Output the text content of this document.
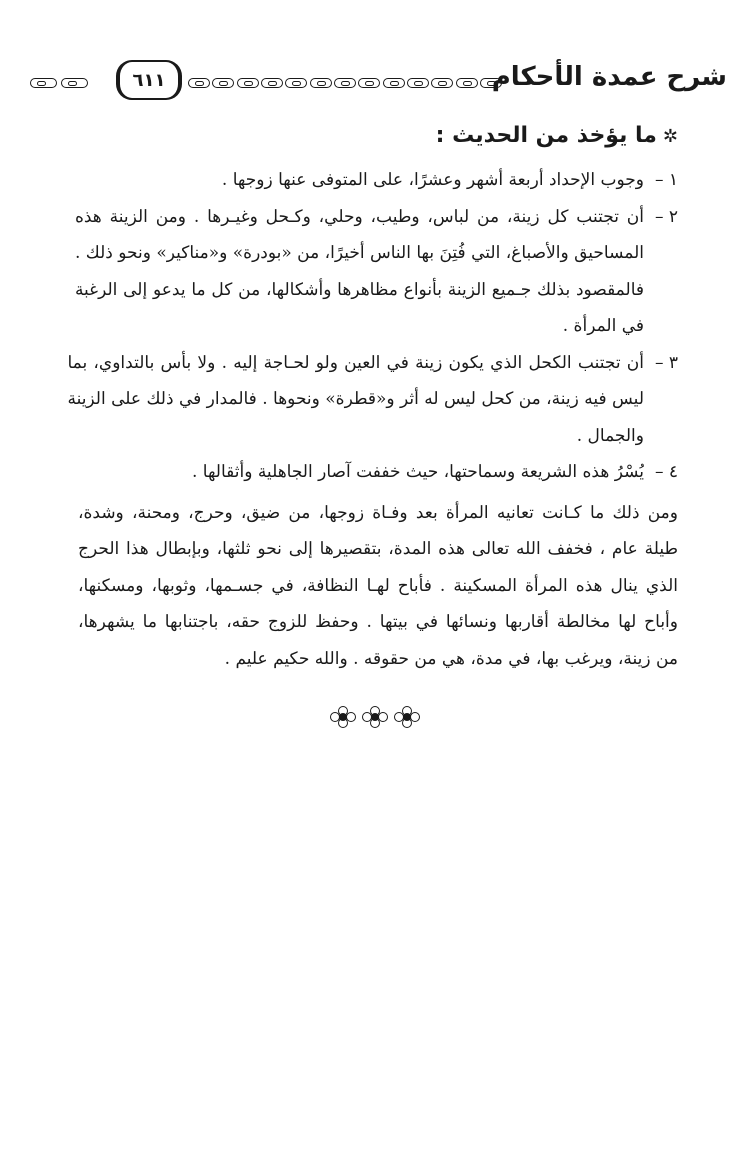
شرح عمدة الأحكام
٦١١
✲ما يؤخذ من الحديث :
١ –
وجوب الإحداد أربعة أشهر وعشرًا، على المتوفى عنها زوجها .
٢ –
أن تجتنب كل زينة، من لباس، وطيب، وحلي، وكـحل وغيـرها . ومن الزينة هذه
المساحيق والأصباغ، التي فُتِنَ بها الناس أخيرًا، من «بودرة» و«مناكير» ونحو ذلك .
فالمقصود بذلك جـميع الزينة بأنواع مظاهرها وأشكالها، من كل ما يدعو إلى الرغبة
في المرأة .
٣ –
أن تجتنب الكحل الذي يكون زينة في العين ولو لحـاجة إليه . ولا بأس بالتداوي، بما
ليس فيه زينة، من كحل ليس له أثر و«قطرة» ونحوها . فالمدار في ذلك على الزينة
والجمال .
٤ –
يُسْرُ هذه الشريعة وسماحتها، حيث خففت آصار الجاهلية وأثقالها .
ومن ذلك ما كـانت تعانيه المرأة بعد وفـاة زوجها، من ضيق، وحرج، ومحنة، وشدة،
طيلة عام ، فخفف الله تعالى هذه المدة، بتقصيرها إلى نحو ثلثها، وبإبطال هذا الحرج
الذي ينال هذه المرأة المسكينة . فأباح لهـا النظافة، في جسـمها، وثوبها، ومسكنها،
وأباح لها مخالطة أقاربها ونسائها في بيتها . وحفظ للزوج حقه، باجتنابها ما يشهرها،
من زينة، ويرغب بها، في مدة، هي من حقوقه . والله حكيم عليم .
